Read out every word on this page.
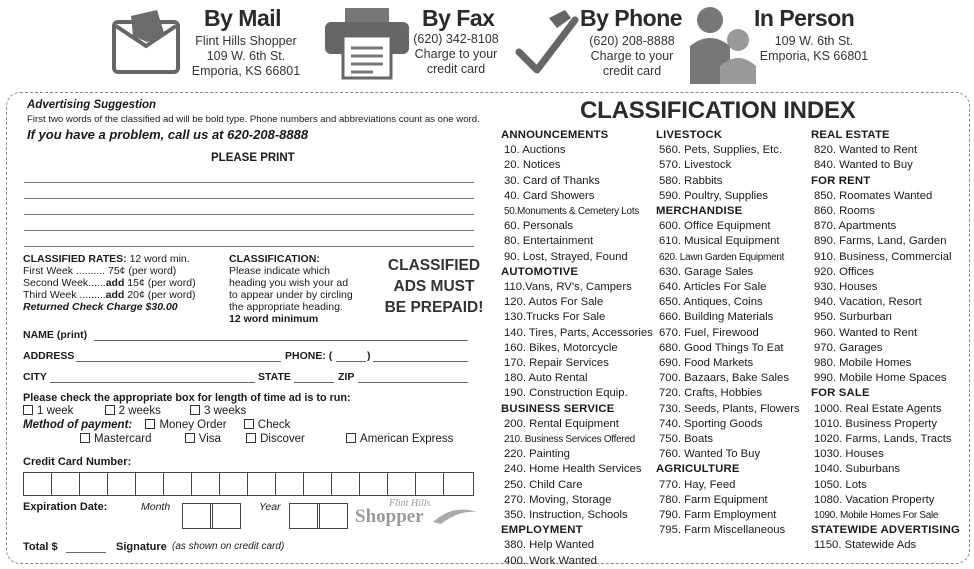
By Mail
Flint Hills Shopper
109 W. 6th St.
Emporia, KS 66801
By Fax
(620) 342-8108
Charge to your
credit card
By Phone
(620) 208-8888
Charge to your
credit card
In Person
109 W. 6th St.
Emporia, KS 66801
Advertising Suggestion
First two words of the classified ad will be bold type. Phone numbers and abbreviations count as one word.
If you have a problem, call us at 620-208-8888
PLEASE PRINT
CLASSIFIED RATES: 12 word min.
First Week .......... 75¢ (per word)
Second Week......add 15¢ (per word)
Third Week .........add 20¢ (per word)
Returned Check Charge $30.00
CLASSIFICATION:
Please indicate which
heading you wish your ad
to appear under by circling
the appropriate heading.
12 word minimum
CLASSIFIED
ADS MUST
BE PREPAID!
NAME (print)
ADDRESS	PHONE: (	)
CITY	STATE	ZIP
Please check the appropriate box for length of time ad is to run:
1 week	2 weeks	3 weeks
Method of payment: Money Order	Check
Mastercard	Visa	Discover	American Express
Credit Card Number:
Expiration Date:	Month	Year	Flint Hills
Shopper
Total $	Signature (as shown on credit card)
CLASSIFICATION INDEX
ANNOUNCEMENTS
10. Auctions
20. Notices
30. Card of Thanks
40. Card Showers
50.Monuments & Cemetery Lots
60. Personals
80. Entertainment
90. Lost, Strayed, Found
AUTOMOTIVE
110.Vans, RV's, Campers
120. Autos For Sale
130.Trucks For Sale
140. Tires, Parts, Accessories
160. Bikes, Motorcycle
170. Repair Services
180. Auto Rental
190. Construction Equip.
BUSINESS SERVICE
200. Rental Equipment
210. Business Services Offered
220. Painting
240. Home Health Services
250. Child Care
270. Moving, Storage
350. Instruction, Schools
EMPLOYMENT
380. Help Wanted
400. Work Wanted
LIVESTOCK
560. Pets, Supplies, Etc.
570. Livestock
580. Rabbits
590. Poultry, Supplies
MERCHANDISE
600. Office Equipment
610. Musical Equipment
620. Lawn Garden Equipment
630. Garage Sales
640. Articles For Sale
650. Antiques, Coins
660. Building Materials
670. Fuel, Firewood
680. Good Things To Eat
690. Food Markets
700. Bazaars, Bake Sales
720. Crafts, Hobbies
730. Seeds, Plants, Flowers
740. Sporting Goods
750. Boats
760. Wanted To Buy
AGRICULTURE
770. Hay, Feed
780. Farm Equipment
790. Farm Employment
795. Farm Miscellaneous
REAL ESTATE
820. Wanted to Rent
840. Wanted to Buy
FOR RENT
850. Roomates Wanted
860. Rooms
870. Apartments
890. Farms, Land, Garden
910. Business, Commercial
920. Offices
930. Houses
940. Vacation, Resort
950. Surburban
960. Wanted to Rent
970. Garages
980. Mobile Homes
990. Mobile Home Spaces
FOR SALE
1000. Real Estate Agents
1010. Business Property
1020. Farms, Lands, Tracts
1030. Houses
1040. Suburbans
1050. Lots
1080. Vacation Property
1090. Mobile Homes For Sale
STATEWIDE ADVERTISING
1150. Statewide Ads
